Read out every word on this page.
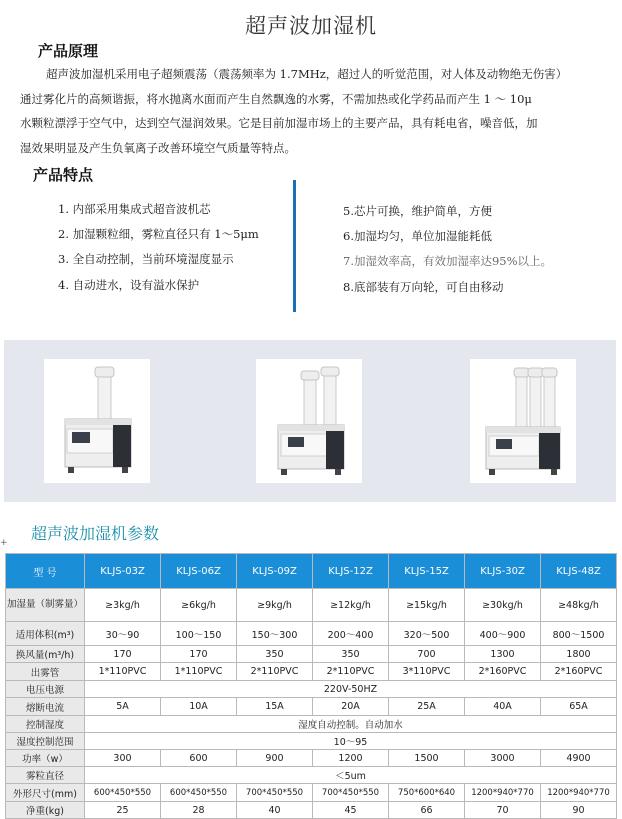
超声波加湿机
产品原理
超声波加湿机采用电子超频震荡（震荡频率为 1.7MHz，超过人的听觉范围，对人体及动物绝无伤害）
通过雾化片的高频谐振，将水抛离水面而产生自然飘逸的水雾，不需加热或化学药品而产生 1 ～ 10μ
水颗粒漂浮于空气中，达到空气湿润效果。它是目前加湿市场上的主要产品，具有耗电省，噪音低，加
湿效果明显及产生负氧离子改善环境空气质量等特点。
产品特点
1. 内部采用集成式超音波机芯
2. 加湿颗粒细，雾粒直径只有 1～5μm
3. 全自动控制，当前环境湿度显示
4. 自动进水，设有溢水保护
5.芯片可换，维护简单，方便
6.加湿均匀，单位加湿能耗低
7.加湿效率高，有效加湿率达95%以上。
8.底部装有万向轮，可自由移动
超声波加湿机参数
+
型 号	KLJS-03Z	KLJS-06Z	KLJS-09Z	KLJS-12Z	KLJS-15Z	KLJS-30Z	KLJS-48Z
加湿量（制雾量）	≥3kg/h	≥6kg/h	≥9kg/h	≥12kg/h	≥15kg/h	≥30kg/h	≥48kg/h
适用体积(m³)	30～90	100～150	150～300	200～400	320～500	400～900	800～1500
换风量(m³/h)	170	170	350	350	700	1300	1800
出雾管	1*110PVC	1*110PVC	2*110PVC	2*110PVC	3*110PVC	2*160PVC	2*160PVC
电压电源	220V-50HZ						
熔断电流	5A	10A	15A	20A	25A	40A	65A
控制湿度	湿度自动控制。自动加水						
湿度控制范围	10～95						
功率（w）	300	600	900	1200	1500	3000	4900
雾粒直径	＜5um						
外形尺寸(mm)	600*450*550	600*450*550	700*450*550	700*450*550	750*600*640	1200*940*770	1200*940*770
净重(kg)	25	28	40	45	66	70	90
